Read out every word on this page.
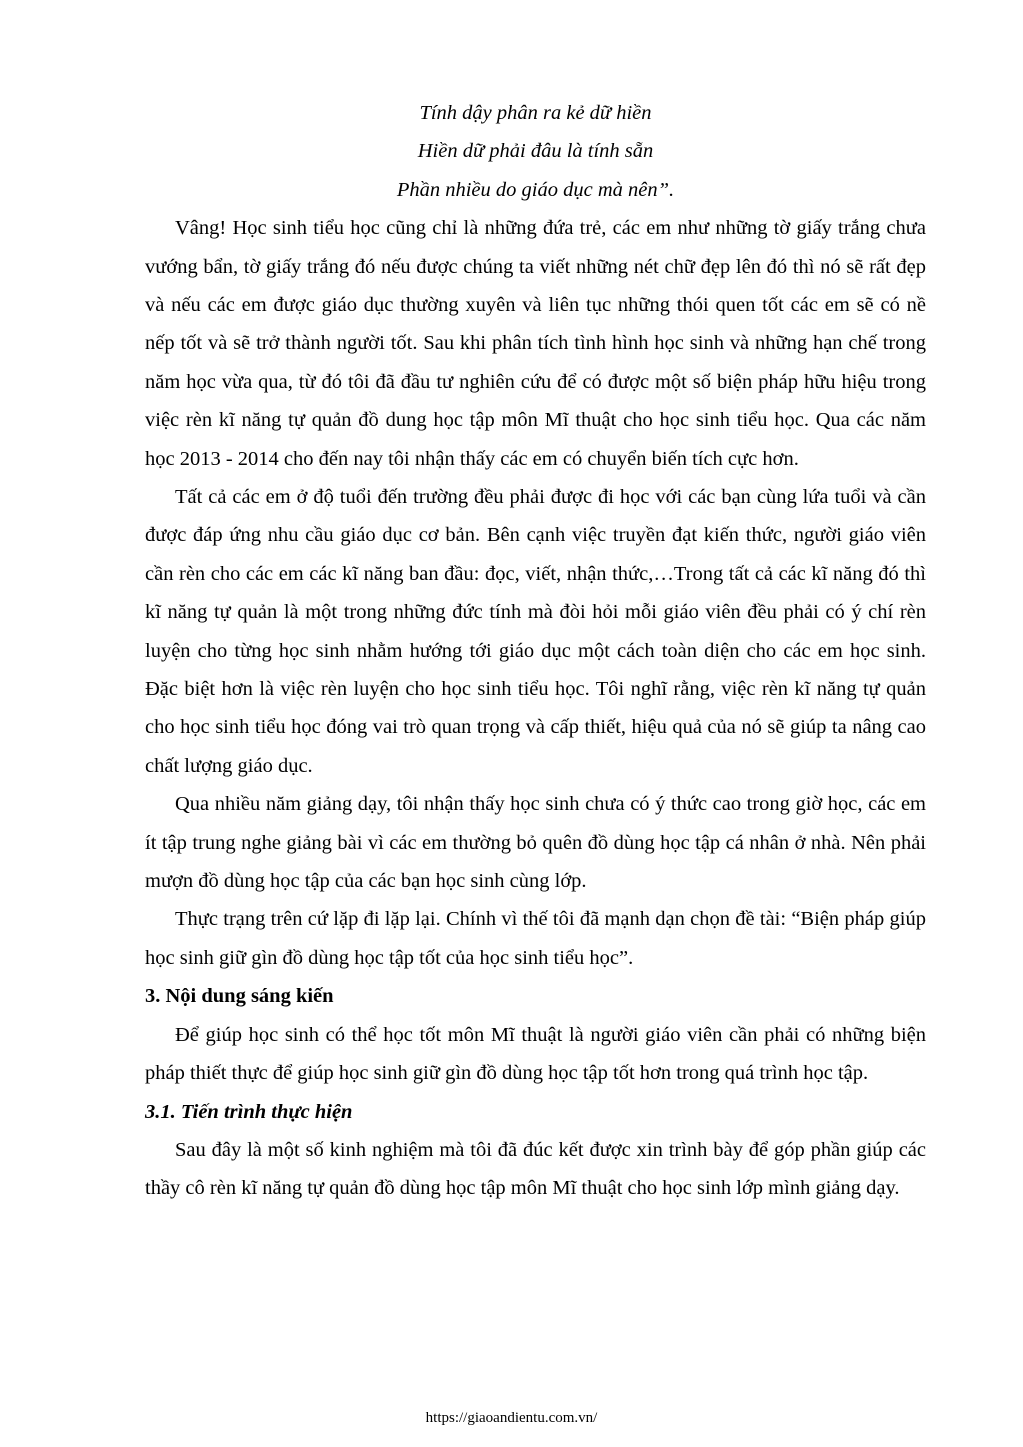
Tính dậy phân ra kẻ dữ hiền
Hiền dữ phải đâu là tính sẵn
Phần nhiều do giáo dục mà nên”.

Vâng! Học sinh tiểu học cũng chỉ là những đứa trẻ, các em như những tờ giấy trắng chưa vướng bẩn, tờ giấy trắng đó nếu được chúng ta viết những nét chữ đẹp lên đó thì nó sẽ rất đẹp và nếu các em được giáo dục thường xuyên và liên tục những thói quen tốt các em sẽ có nề nếp tốt và sẽ trở thành người tốt. Sau khi phân tích tình hình học sinh và những hạn chế trong năm học vừa qua, từ đó tôi đã đầu tư nghiên cứu để có được một số biện pháp hữu hiệu trong việc rèn kĩ năng tự quản đồ dung học tập môn Mĩ thuật cho học sinh tiểu học. Qua các năm học 2013 - 2014 cho đến nay tôi nhận thấy các em có chuyển biến tích cực hơn.

Tất cả các em ở độ tuổi đến trường đều phải được đi học với các bạn cùng lứa tuổi và cần được đáp ứng nhu cầu giáo dục cơ bản. Bên cạnh việc truyền đạt kiến thức, người giáo viên cần rèn cho các em các kĩ năng ban đầu: đọc, viết, nhận thức,…Trong tất cả các kĩ năng đó thì kĩ năng tự quản là một trong những đức tính mà đòi hỏi mỗi giáo viên đều phải có ý chí rèn luyện cho từng học sinh nhằm hướng tới giáo dục một cách toàn diện cho các em học sinh. Đặc biệt hơn là việc rèn luyện cho học sinh tiểu học. Tôi nghĩ rằng, việc rèn kĩ năng tự quản cho học sinh tiểu học đóng vai trò quan trọng và cấp thiết, hiệu quả của nó sẽ giúp ta nâng cao chất lượng giáo dục.

Qua nhiều năm giảng dạy, tôi nhận thấy học sinh chưa có ý thức cao trong giờ học, các em ít tập trung nghe giảng bài vì các em thường bỏ quên đồ dùng học tập cá nhân ở nhà. Nên phải mượn đồ dùng học tập của các bạn học sinh cùng lớp.

Thực trạng trên cứ lặp đi lặp lại. Chính vì thế tôi đã mạnh dạn chọn đề tài: “Biện pháp giúp học sinh giữ gìn đồ dùng học tập tốt của học sinh tiểu học”.

3. Nội dung sáng kiến

Để giúp học sinh có thể học tốt môn Mĩ thuật là người giáo viên cần phải có những biện pháp thiết thực để giúp học sinh giữ gìn đồ dùng học tập tốt hơn trong quá trình học tập.

3.1. Tiến trình thực hiện

Sau đây là một số kinh nghiệm mà tôi đã đúc kết được xin trình bày để góp phần giúp các thầy cô rèn kĩ năng tự quản đồ dùng học tập môn Mĩ thuật cho học sinh lớp mình giảng dạy.

https://giaoandientu.com.vn/
